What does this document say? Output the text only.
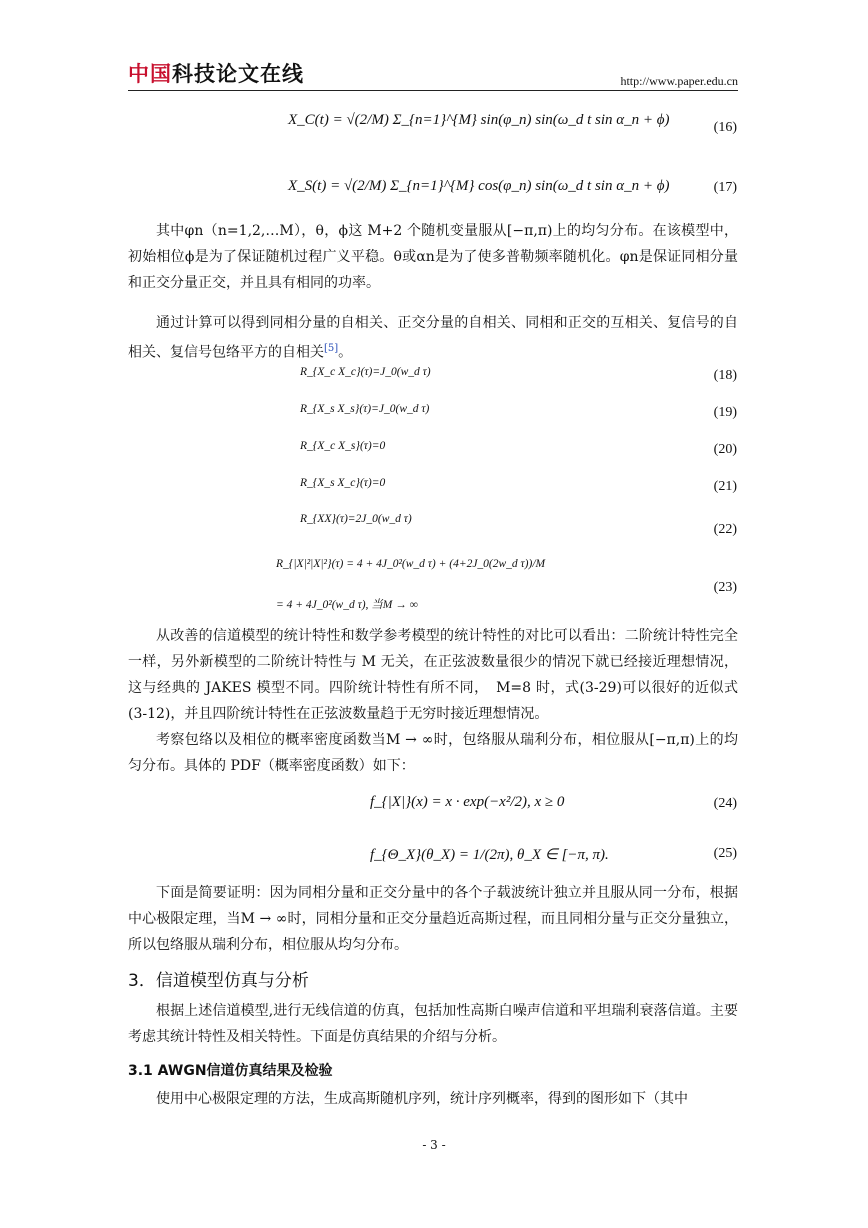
中国科技论文在线	http://www.paper.edu.cn
X_C(t) = √(2/M) Σ_{n=1}^{M} sin(φ_n) sin(ω_d t sin α_n + ϕ)	(16)
X_S(t) = √(2/M) Σ_{n=1}^{M} cos(φ_n) sin(ω_d t sin α_n + ϕ)	(17)
其中φn（n=1,2,…M），θ，ϕ这 M+2 个随机变量服从[−π,π)上的均匀分布。在该模型中，初始相位ϕ是为了保证随机过程广义平稳。θ或αn是为了使多普勒频率随机化。φn是保证同相分量和正交分量正交，并且具有相同的功率。
通过计算可以得到同相分量的自相关、正交分量的自相关、同相和正交的互相关、复信号的自相关、复信号包络平方的自相关[5]。
R_{X_c X_c}(τ)=J_0(w_d τ)	(18)
R_{X_s X_s}(τ)=J_0(w_d τ)	(19)
R_{X_c X_s}(τ)=0	(20)
R_{X_s X_c}(τ)=0	(21)
R_{XX}(τ)=2J_0(w_d τ)
(22)
R_{|X|²|X|²}(τ) = 4 + 4J_0²(w_d τ) + (4+2J_0(2w_d τ))/M
= 4 + 4J_0²(w_d τ), 当M → ∞
(23)
从改善的信道模型的统计特性和数学参考模型的统计特性的对比可以看出：二阶统计特性完全一样，另外新模型的二阶统计特性与 M 无关，在正弦波数量很少的情况下就已经接近理想情况，这与经典的 JAKES 模型不同。四阶统计特性有所不同，　M=8 时，式(3-29)可以很好的近似式(3-12)，并且四阶统计特性在正弦波数量趋于无穷时接近理想情况。
考察包络以及相位的概率密度函数当M → ∞时，包络服从瑞利分布，相位服从[−π,π)上的均匀分布。具体的 PDF（概率密度函数）如下：
f_{|X|}(x) = x · exp(−x²/2), x ≥ 0	(24)
f_{Θ_X}(θ_X) = 1/(2π), θ_X ∈ [−π, π).	(25)
下面是简要证明：因为同相分量和正交分量中的各个子载波统计独立并且服从同一分布，根据中心极限定理，当M → ∞时，同相分量和正交分量趋近高斯过程，而且同相分量与正交分量独立，所以包络服从瑞利分布，相位服从均匀分布。
3．信道模型仿真与分析
根据上述信道模型,进行无线信道的仿真，包括加性高斯白噪声信道和平坦瑞利衰落信道。主要考虑其统计特性及相关特性。下面是仿真结果的介绍与分析。
3.1 AWGN信道仿真结果及检验
使用中心极限定理的方法，生成高斯随机序列，统计序列概率，得到的图形如下（其中
- 3 -
